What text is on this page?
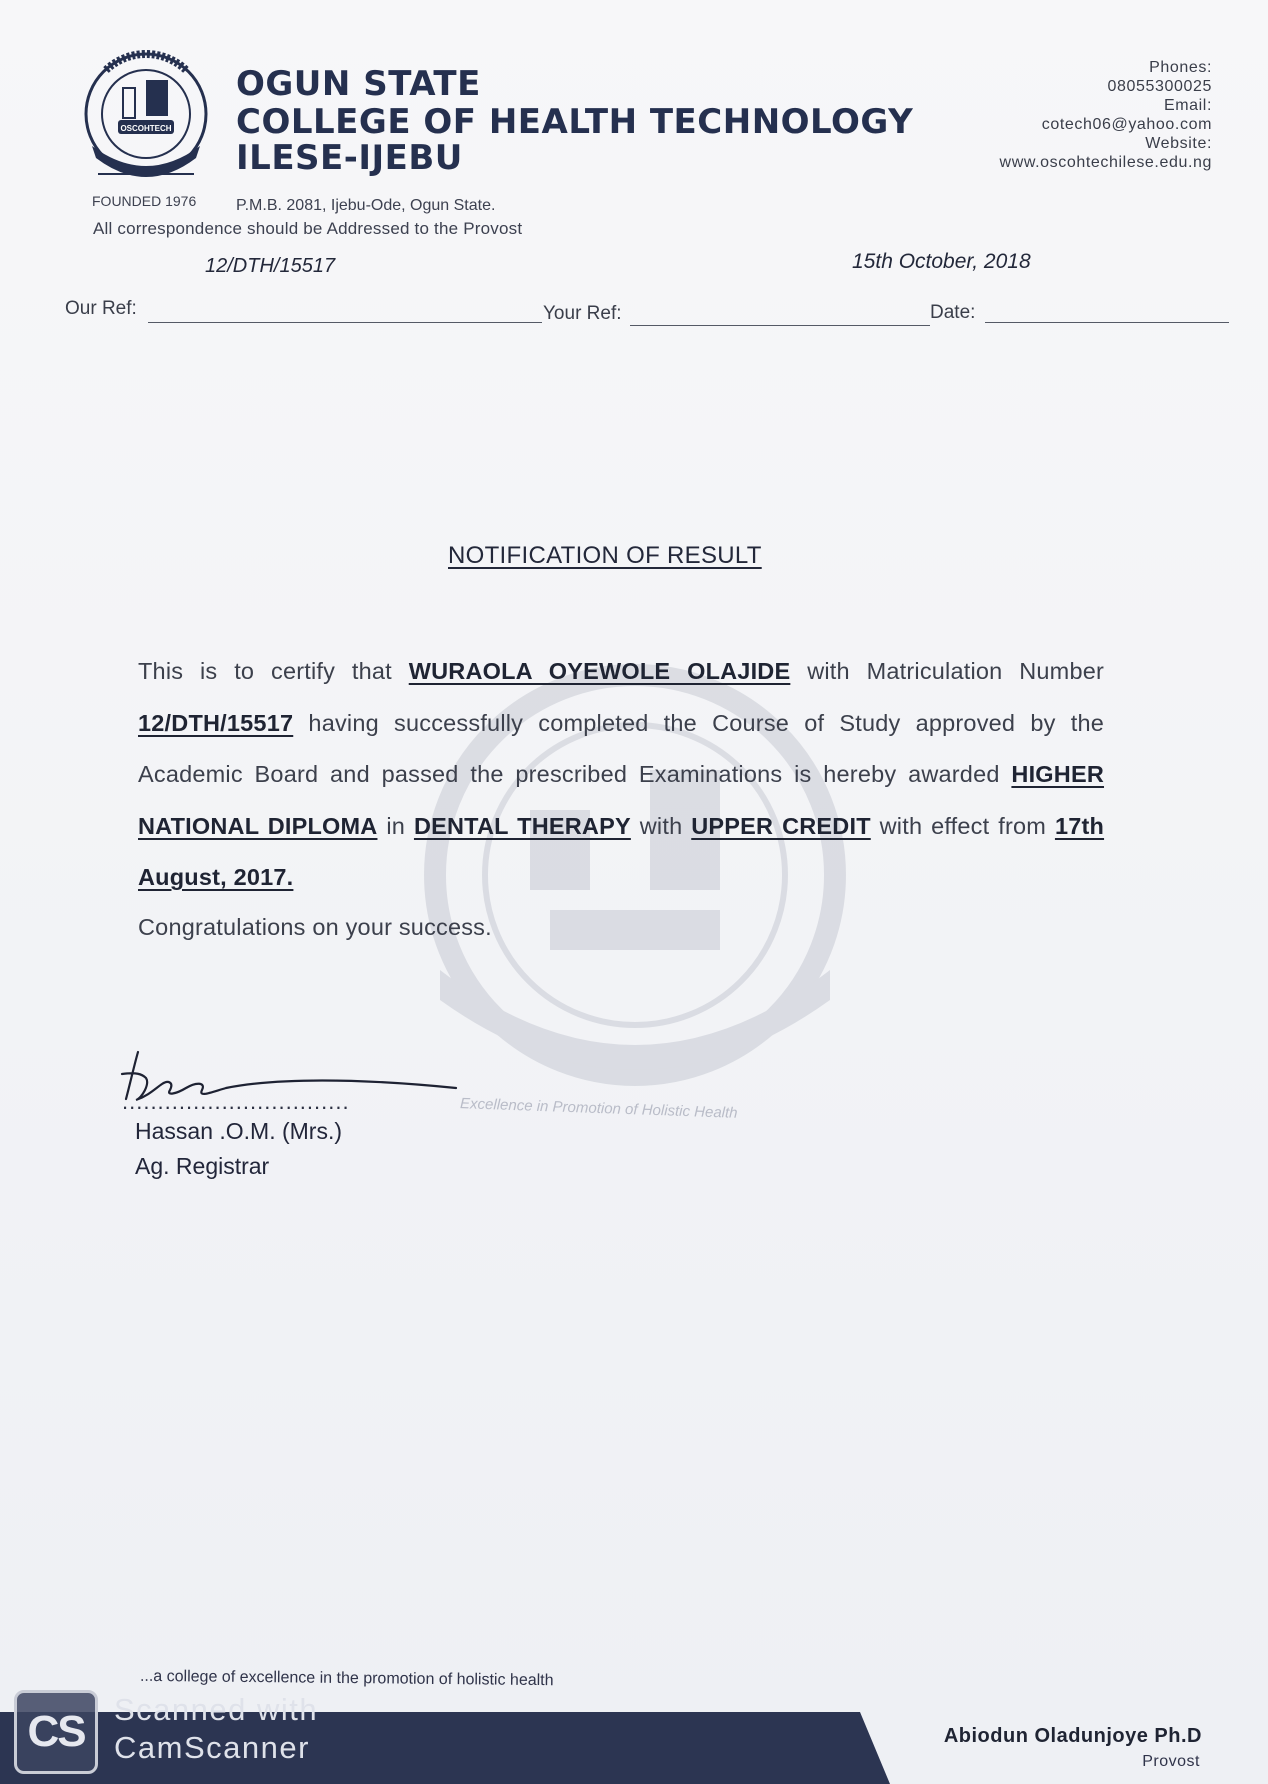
OSCOHTECH
OGUN STATE
COLLEGE OF HEALTH TECHNOLOGY
ILESE-IJEBU
FOUNDED 1976 P.M.B. 2081, Ijebu-Ode, Ogun State.
All correspondence should be Addressed to the Provost
Phones:
08055300025
Email:
cotech06@yahoo.com
Website:
www.oscohtechilese.edu.ng
12/DTH/15517	15th October, 2018
Our Ref:	Your Ref:	Date:
NOTIFICATION OF RESULT
This is to certify that WURAOLA OYEWOLE OLAJIDE with Matriculation Number 12/DTH/15517 having successfully completed the Course of Study approved by the Academic Board and passed the prescribed Examinations is hereby awarded HIGHER NATIONAL DIPLOMA in DENTAL THERAPY with UPPER CREDIT with effect from 17th August, 2017.
Congratulations on your success.
................................	Excellence in Promotion of Holistic Health
Hassan .O.M. (Mrs.)
Ag. Registrar
...a college of excellence in the promotion of holistic health
CS Scanned with
CamScanner	Abiodun Oladunjoye Ph.D
Provost
